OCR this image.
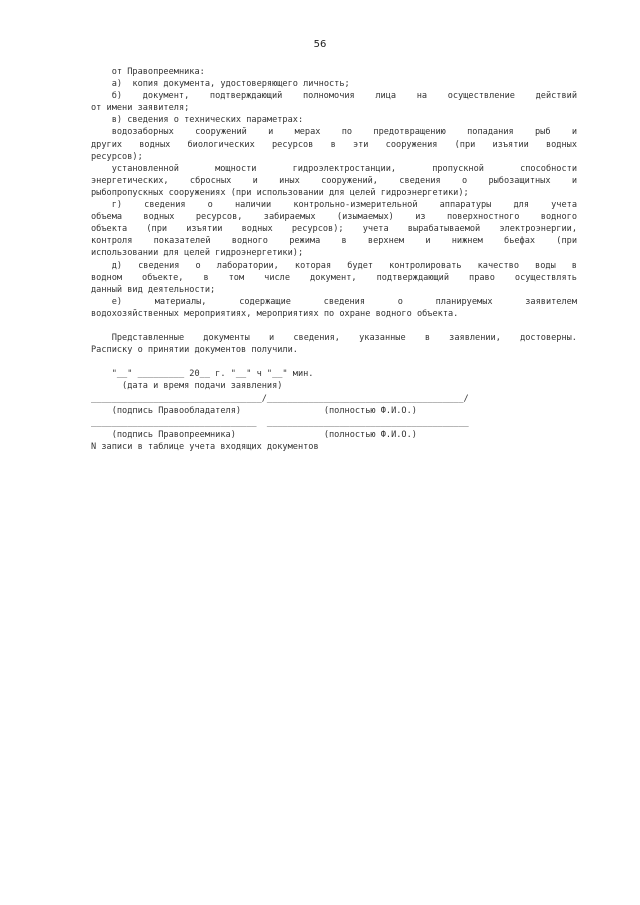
56
от Правопреемника:
а)  копия документа, удостоверяющего личность;
б) документ, подтверждающий полномочия лица на осуществление действий
от имени заявителя;
в) сведения о технических параметрах:
водозаборных сооружений и мерах по предотвращению попадания рыб и
других водных биологических ресурсов в эти сооружения (при изъятии водных
ресурсов);
установленной мощности гидроэлектростанции, пропускной способности
энергетических, сбросных и иных сооружений, сведения о рыбозащитных и
рыбопропускных сооружениях (при использовании для целей гидроэнергетики);
г) сведения о наличии контрольно-измерительной аппаратуры для учета
объема водных ресурсов, забираемых (изымаемых) из поверхностного водного
объекта (при изъятии водных ресурсов); учета вырабатываемой электроэнергии,
контроля показателей водного режима в верхнем и нижнем бьефах (при
использовании для целей гидроэнергетики);
д) сведения о лаборатории, которая будет контролировать качество воды в
водном объекте, в том числе документ, подтверждающий право осуществлять
данный вид деятельности;
е) материалы, содержащие сведения о планируемых заявителем
водохозяйственных мероприятиях, мероприятиях по охране водного объекта.
Представленные документы и сведения, указанные в заявлении, достоверны.
Расписку о принятии документов получили.
"__" _________ 20__ г. "__" ч "__" мин.
(дата и время подачи заявления)
_________________________________/______________________________________/
(подпись Правообладателя)                (полностью Ф.И.О.)
________________________________  _______________________________________
(подпись Правопреемника)                 (полностью Ф.И.О.)
N записи в таблице учета входящих документов
